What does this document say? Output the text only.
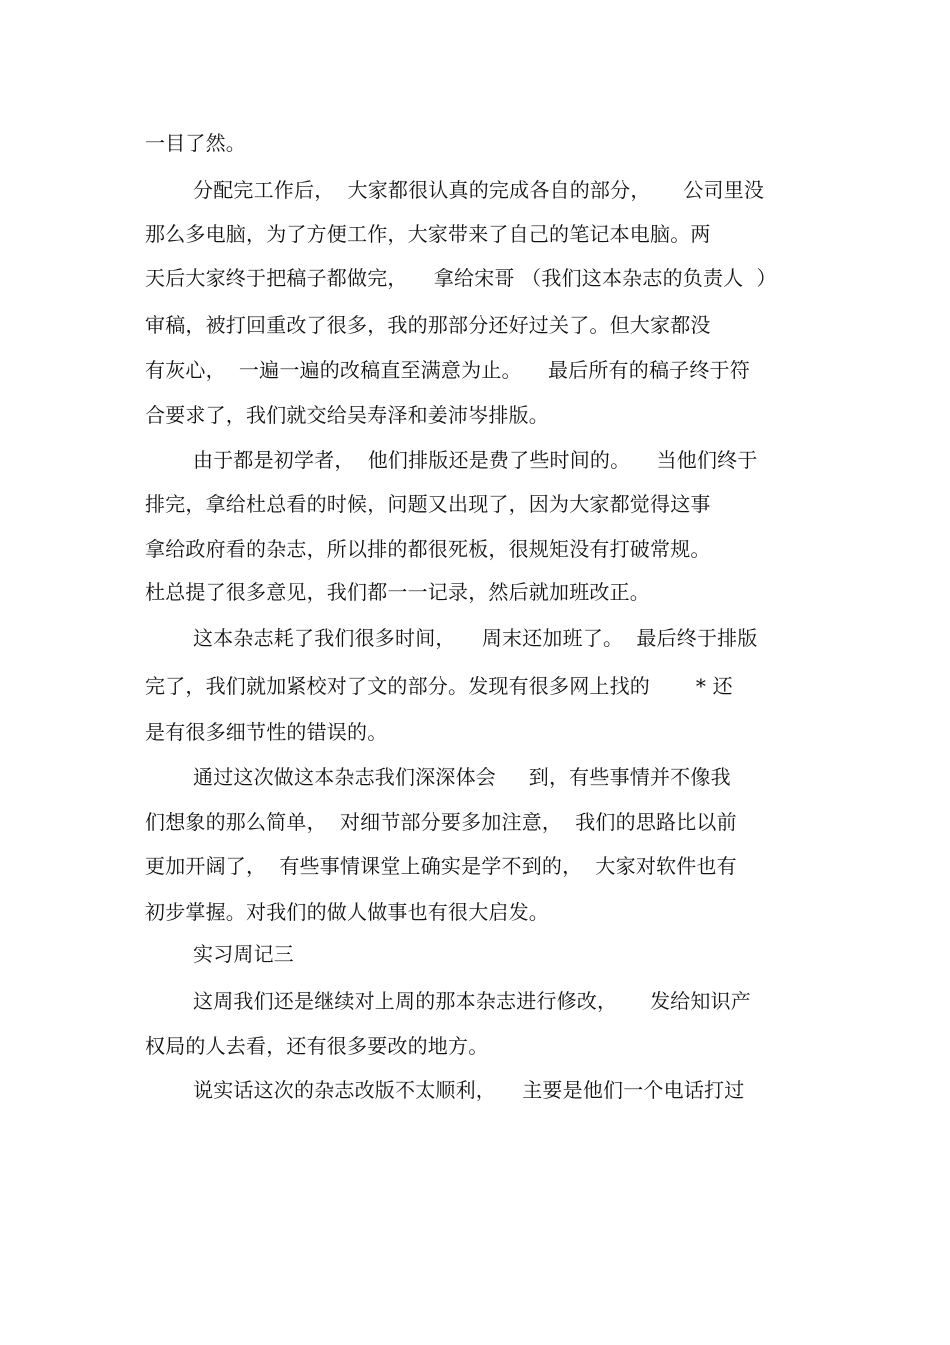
一目了然。
分配完工作后，  大家都很认真的完成各自的部分，     公司里没
那么多电脑，为了方便工作，大家带来了自己的笔记本电脑。两
天后大家终于把稿子都做完，    拿给宋哥 （我们这本杂志的负责人  ）
审稿，被打回重改了很多，我的那部分还好过关了。但大家都没
有灰心，  一遍一遍的改稿直至满意为止。    最后所有的稿子终于符
合要求了，我们就交给吴寿泽和姜沛岑排版。
由于都是初学者，  他们排版还是费了些时间的。    当他们终于
排完，拿给杜总看的时候，问题又出现了，因为大家都觉得这事
拿给政府看的杂志，所以排的都很死板，很规矩没有打破常规。
杜总提了很多意见，我们都一一记录，然后就加班改正。
这本杂志耗了我们很多时间，    周末还加班了。  最后终于排版
完了，我们就加紧校对了文的部分。发现有很多网上找的       * 还
是有很多细节性的错误的。
通过这次做这本杂志我们深深体会     到，有些事情并不像我
们想象的那么简单，  对细节部分要多加注意，  我们的思路比以前
更加开阔了，  有些事情课堂上确实是学不到的，  大家对软件也有
初步掌握。对我们的做人做事也有很大启发。
实习周记三
这周我们还是继续对上周的那本杂志进行修改，     发给知识产
权局的人去看，还有很多要改的地方。
说实话这次的杂志改版不太顺利，    主要是他们一个电话打过
